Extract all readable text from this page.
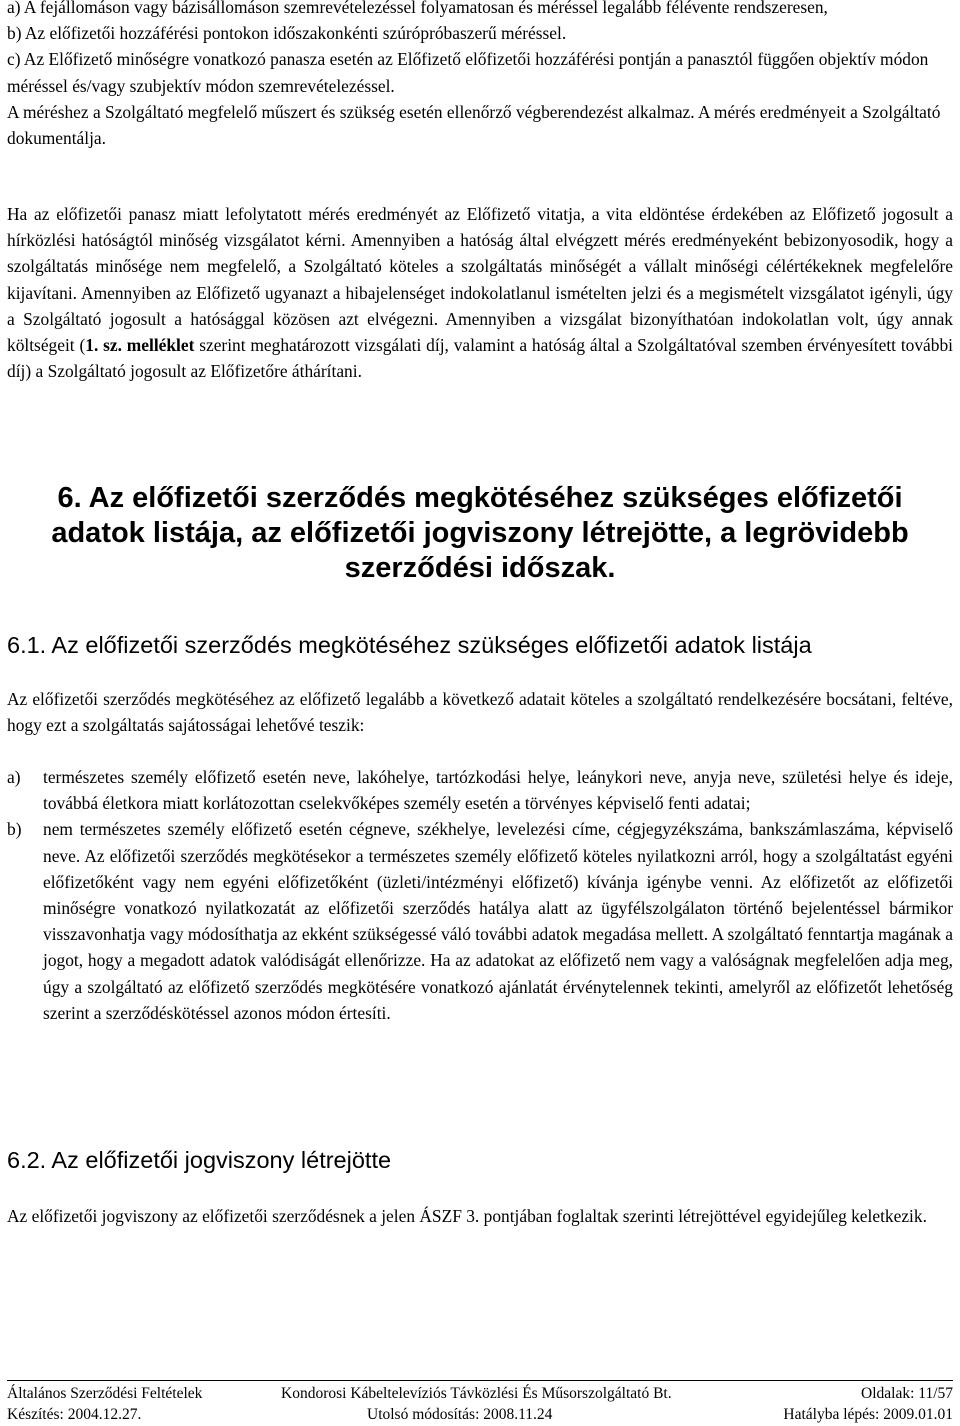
a) A fejállomáson vagy bázisállomáson szemrevételezéssel folyamatosan és méréssel legalább félévente rendszeresen,

b) Az előfizetői hozzáférési pontokon időszakonkénti szúrópróbaszerű méréssel.

c) Az Előfizető minőségre vonatkozó panasza esetén az Előfizető előfizetői hozzáférési pontján a panasztól függően objektív módon méréssel és/vagy szubjektív módon szemrevételezéssel.

A méréshez a Szolgáltató megfelelő műszert és szükség esetén ellenőrző végberendezést alkalmaz. A mérés eredményeit a Szolgáltató dokumentálja.

Ha az előfizetői panasz miatt lefolytatott mérés eredményét az Előfizető vitatja, a vita eldöntése érdekében az Előfizető jogosult a hírközlési hatóságtól minőség vizsgálatot kérni. Amennyiben a hatóság által elvégzett mérés eredményeként bebizonyosodik, hogy a szolgáltatás minősége nem megfelelő, a Szolgáltató köteles a szolgáltatás minőségét a vállalt minőségi célértékeknek megfelelőre kijavítani. Amennyiben az Előfizető ugyanazt a hibajelenséget indokolatlanul ismételten jelzi és a megismételt vizsgálatot igényli, úgy a Szolgáltató jogosult a hatósággal közösen azt elvégezni. Amennyiben a vizsgálat bizonyíthatóan indokolatlan volt, úgy annak költségeit (1. sz. melléklet szerint meghatározott vizsgálati díj, valamint a hatóság által a Szolgáltatóval szemben érvényesített további díj) a Szolgáltató jogosult az Előfizetőre áthárítani.

6. Az előfizetői szerződés megkötéséhez szükséges előfizetői adatok listája, az előfizetői jogviszony létrejötte, a legrövidebb szerződési időszak.
6.1. Az előfizetői szerződés megkötéséhez szükséges előfizetői adatok listája

Az előfizetői szerződés megkötéséhez az előfizető legalább a következő adatait köteles a szolgáltató rendelkezésére bocsátani, feltéve, hogy ezt a szolgáltatás sajátosságai lehetővé teszik:

a)	természetes személy előfizető esetén neve, lakóhelye, tartózkodási helye, leánykori neve, anyja neve, születési helye és ideje, továbbá életkora miatt korlátozottan cselekvőképes személy esetén a törvényes képviselő fenti adatai;

b)	nem természetes személy előfizető esetén cégneve, székhelye, levelezési címe, cégjegyzékszáma, bankszámlaszáma, képviselő neve. Az előfizetői szerződés megkötésekor a természetes személy előfizető köteles nyilatkozni arról, hogy a szolgáltatást egyéni előfizetőként vagy nem egyéni előfizetőként (üzleti/intézményi előfizető) kívánja igénybe venni. Az előfizetőt az előfizetői minőségre vonatkozó nyilatkozatát az előfizetői szerződés hatálya alatt az ügyfélszolgálaton történő bejelentéssel bármikor visszavonhatja vagy módosíthatja az ekként szükségessé váló további adatok megadása mellett. A szolgáltató fenntartja magának a jogot, hogy a megadott adatok valódiságát ellenőrizze. Ha az adatokat az előfizető nem vagy a valóságnak megfelelően adja meg, úgy a szolgáltató az előfizető szerződés megkötésére vonatkozó ajánlatát érvénytelennek tekinti, amelyről az előfizetőt lehetőség szerint a szerződéskötéssel azonos módon értesíti.

6.2. Az előfizetői jogviszony létrejötte

Az előfizetői jogviszony az előfizetői szerződésnek a jelen ÁSZF 3. pontjában foglaltak szerinti létrejöttével egyidejűleg keletkezik.

Általános Szerződési Feltételek	Kondorosi Kábeltelevíziós Távközlési És Műsorszolgáltató Bt.	Oldalak: 11/57
Készítés: 2004.12.27.	Utolsó módosítás: 2008.11.24	Hatályba lépés: 2009.01.01
